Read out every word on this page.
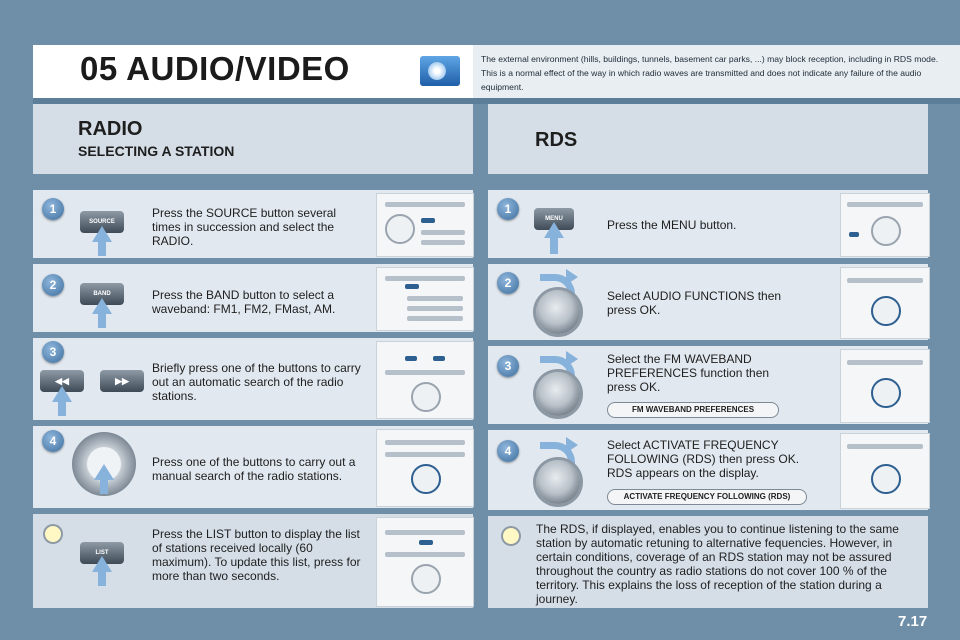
05 AUDIO/VIDEO	The external environment (hills, buildings, tunnels, basement car parks, ...) may block reception, including in RDS mode. This is a normal effect of the way in which radio waves are transmitted and does not indicate any failure of the audio equipment.
RADIO
SELECTING A STATION	RDS
1
SOURCE
Press the SOURCE button several times in succession and select the RADIO.
2
BAND	Press the BAND button to select a waveband: FM1, FM2, FMast, AM.
3
◀◀	▶▶
Briefly press one of the buttons to carry out an automatic search of the radio stations.
4
Press one of the buttons to carry out a manual search of the radio stations.
LIST
Press the LIST button to display the list of stations received locally (60 maximum). To update this list, press for more than two seconds.
1
MENU	Press the MENU button.
2
Select AUDIO FUNCTIONS then press OK.
3	Select the FM WAVEBAND PREFERENCES function then press OK.
FM WAVEBAND PREFERENCES
4	Select ACTIVATE FREQUENCY FOLLOWING (RDS) then press OK. RDS appears on the display.
ACTIVATE FREQUENCY FOLLOWING (RDS)
The RDS, if displayed, enables you to continue listening to the same station by automatic retuning to alternative fequencies. However, in certain conditions, coverage of an RDS station may not be assured throughout the country as radio stations do not cover 100 % of the territory. This explains the loss of reception of the station during a journey.
7.17
